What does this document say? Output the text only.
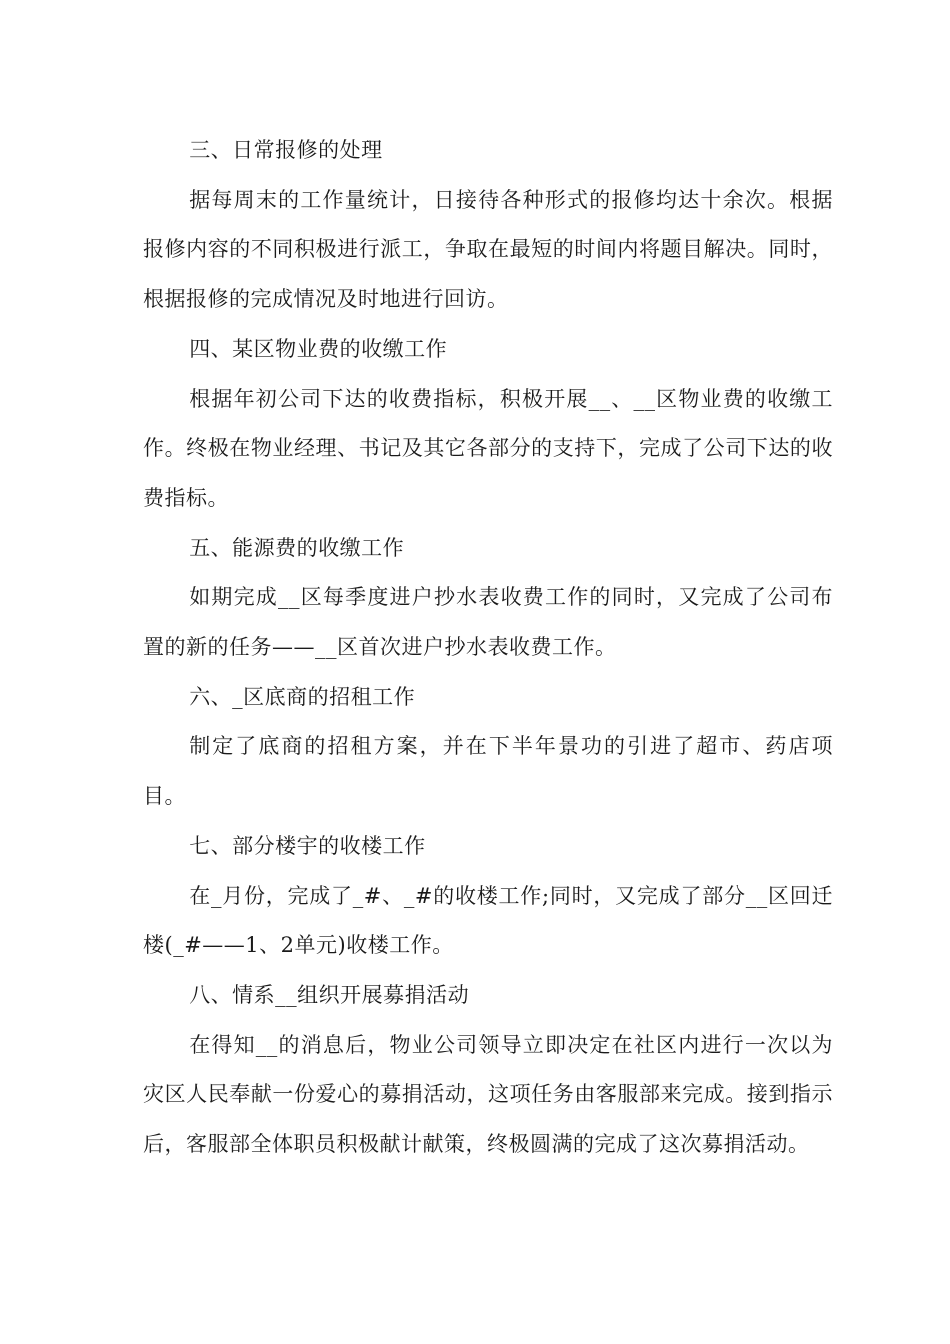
三、日常报修的处理

据每周末的工作量统计，日接待各种形式的报修均达十余次。根据报修内容的不同积极进行派工，争取在最短的时间内将题目解决。同时，根据报修的完成情况及时地进行回访。

四、某区物业费的收缴工作

根据年初公司下达的收费指标，积极开展__、__区物业费的收缴工作。终极在物业经理、书记及其它各部分的支持下，完成了公司下达的收费指标。

五、能源费的收缴工作

如期完成__区每季度进户抄水表收费工作的同时，又完成了公司布置的新的任务——__区首次进户抄水表收费工作。

六、_区底商的招租工作

制定了底商的招租方案，并在下半年景功的引进了超市、药店项目。

七、部分楼宇的收楼工作

在_月份，完成了_#、_#的收楼工作;同时，又完成了部分__区回迁楼(_#——1、2单元)收楼工作。

八、情系__组织开展募捐活动

在得知__的消息后，物业公司领导立即决定在社区内进行一次以为灾区人民奉献一份爱心的募捐活动，这项任务由客服部来完成。接到指示后，客服部全体职员积极献计献策，终极圆满的完成了这次募捐活动。
